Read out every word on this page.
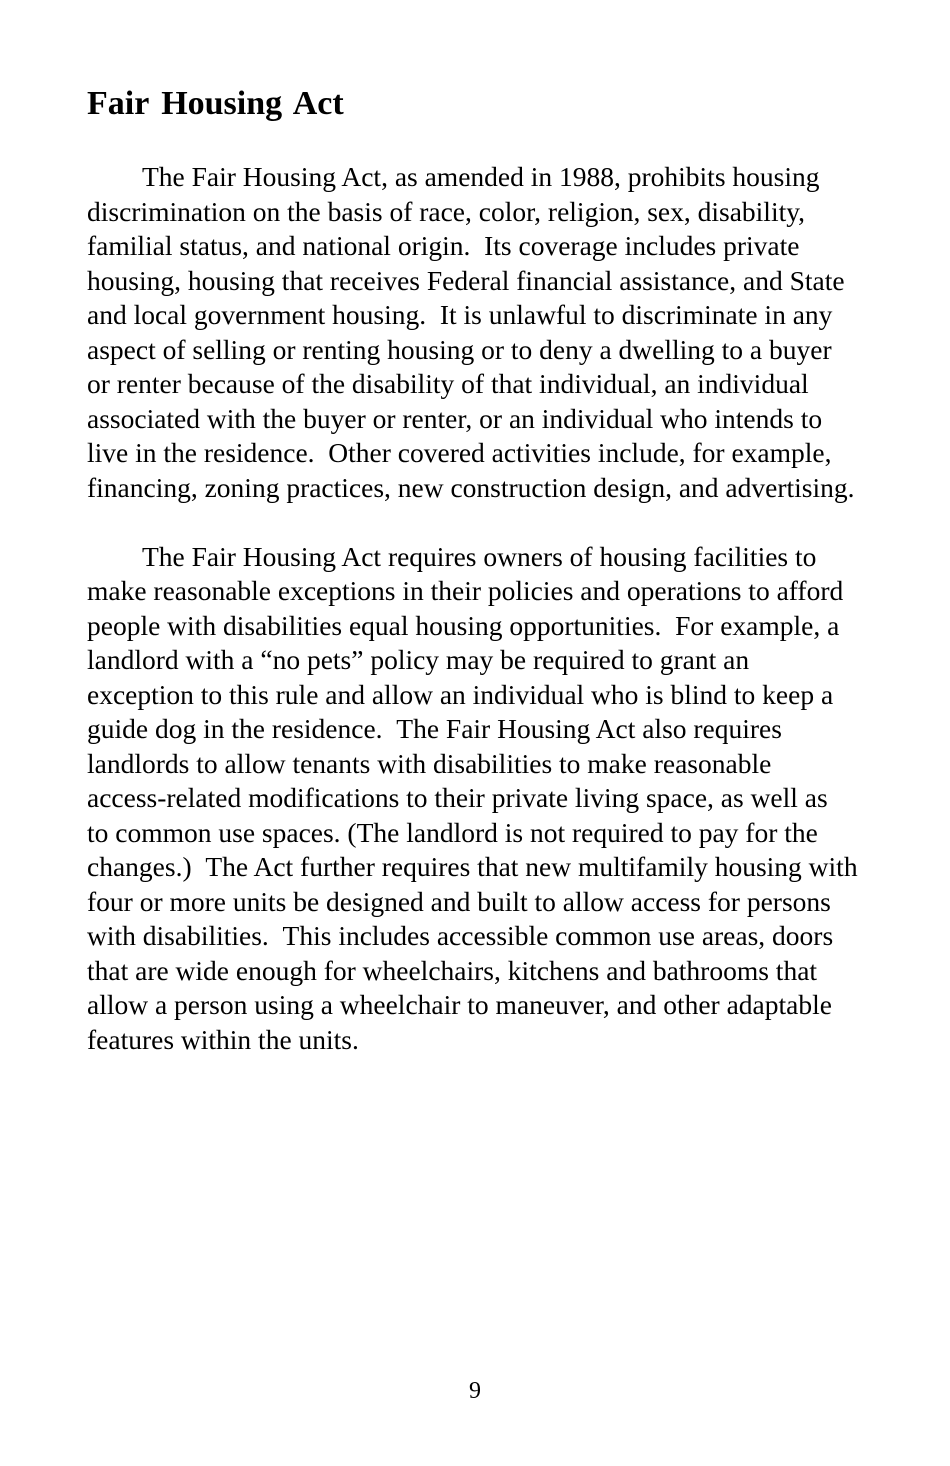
Fair Housing Act

The Fair Housing Act, as amended in 1988, prohibits housing

discrimination on the basis of race, color, religion, sex, disability,

familial status, and national origin.  Its coverage includes private

housing, housing that receives Federal financial assistance, and State

and local government housing.  It is unlawful to discriminate in any

aspect of selling or renting housing or to deny a dwelling to a buyer

or renter because of the disability of that individual, an individual

associated with the buyer or renter, or an individual who intends to

live in the residence.  Other covered activities include, for example,

financing, zoning practices, new construction design, and advertising.

The Fair Housing Act requires owners of housing facilities to

make reasonable exceptions in their policies and operations to afford

people with disabilities equal housing opportunities.  For example, a

landlord with a “no pets” policy may be required to grant an

exception to this rule and allow an individual who is blind to keep a

guide dog in the residence.  The Fair Housing Act also requires

landlords to allow tenants with disabilities to make reasonable

access-related modifications to their private living space, as well as

to common use spaces. (The landlord is not required to pay for the

changes.)  The Act further requires that new multifamily housing with

four or more units be designed and built to allow access for persons

with disabilities.  This includes accessible common use areas, doors

that are wide enough for wheelchairs, kitchens and bathrooms that

allow a person using a wheelchair to maneuver, and other adaptable

features within the units.

9
